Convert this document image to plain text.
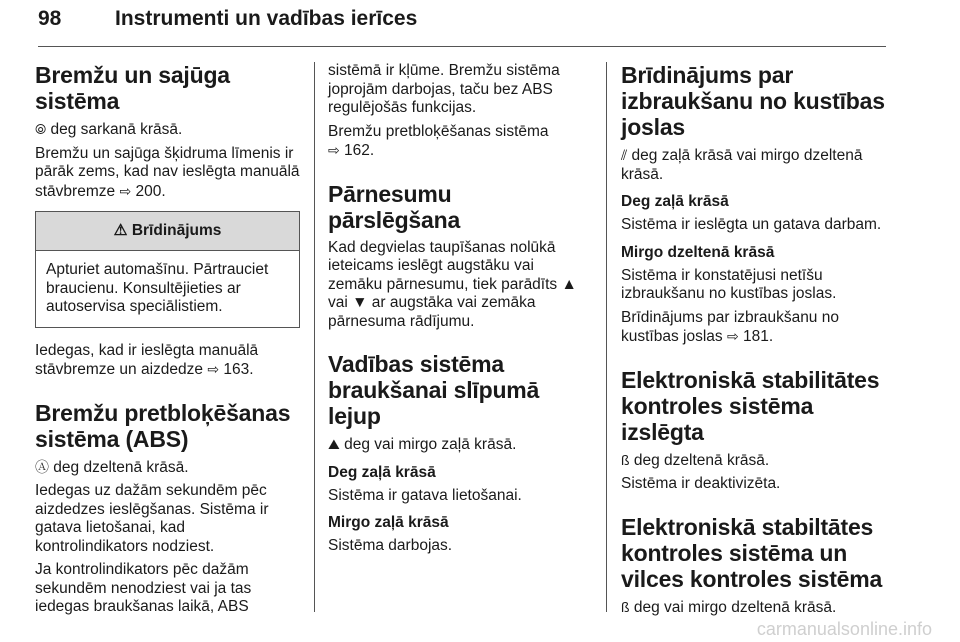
98	Instrumenti un vadības ierīces
Bremžu un sajūga sistēma

⦾ deg sarkanā krāsā.

Bremžu un sajūga šķidruma līmenis ir pārāk zems, kad nav ieslēgta manuālā stāvbremze ⇨ 200.

⚠ Brīdinājums

Apturiet automašīnu. Pārtrauciet braucienu. Konsultējieties ar autoservisa speciālistiem.

Iedegas, kad ir ieslēgta manuālā stāvbremze un aizdedze ⇨ 163.

Bremžu pretbloķēšanas sistēma (ABS)

Ⓐ deg dzeltenā krāsā.

Iedegas uz dažām sekundēm pēc aizdedzes ieslēgšanas. Sistēma ir gatava lietošanai, kad kontrolindikators nodziest.

Ja kontrolindikators pēc dažām sekundēm nenodziest vai ja tas iedegas braukšanas laikā, ABS

sistēmā ir kļūme. Bremžu sistēma joprojām darbojas, taču bez ABS regulējošās funkcijas.

Bremžu pretbloķēšanas sistēma
⇨ 162.

Pārnesumu pārslēgšana

Kad degvielas taupīšanas nolūkā ieteicams ieslēgt augstāku vai zemāku pārnesumu, tiek parādīts ▲ vai ▼ ar augstāka vai zemāka pārnesuma rādījumu.

Vadības sistēma braukšanai slīpumā lejup

⛰ deg vai mirgo zaļā krāsā.

Deg zaļā krāsā

Sistēma ir gatava lietošanai.

Mirgo zaļā krāsā

Sistēma darbojas.

Brīdinājums par izbraukšanu no kustības joslas

⫽ deg zaļā krāsā vai mirgo dzeltenā krāsā.

Deg zaļā krāsā

Sistēma ir ieslēgta un gatava darbam.

Mirgo dzeltenā krāsā

Sistēma ir konstatējusi netīšu izbraukšanu no kustības joslas.

Brīdinājums par izbraukšanu no kustības joslas ⇨ 181.

Elektroniskā stabilitātes kontroles sistēma izslēgta

ß deg dzeltenā krāsā.

Sistēma ir deaktivizēta.

Elektroniskā stabiltātes kontroles sistēma un vilces kontroles sistēma

ß deg vai mirgo dzeltenā krāsā.

carmanualsonline.info
